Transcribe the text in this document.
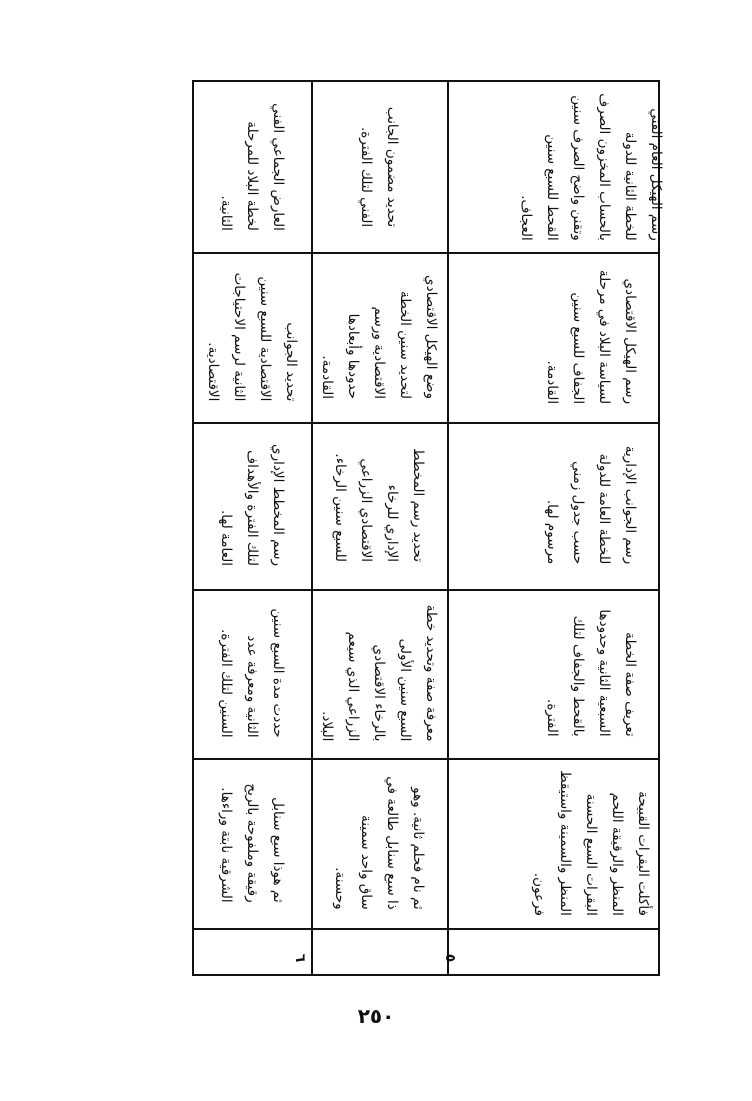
رسم الهيكل العام الفني
للخطة الثانية للدولة
بالحساب المخزون الصرف
وتقنن واضح الصرف سنين
القحط للسبع سنين
العجاف.
رسم الهيكل الاقتصادي
لسياسة البلاد في مرحلة
الجفاف للسبع سنين
القادمة.
رسم الجوانب الإدارية
للخطة العامة للدولة
حسب جدول زمني
مرسوم لها.
تعريف صفة الخطة
السبعية الثانية وحدودها
بالقحط والجفاف لتلك
الفترة.
فأكلت البقرات القبيحة
المنظر والرقيقة اللحم
البقرات السبع الحسنة
المنظر والسمينة واستيقظ
فرعون.
تحديد مضمون الجانب
الفني لتلك الفترة.
وضع الهيكل الاقتصادي
لتحديد سنين الخطة
الاقتصادية ورسم
حدودها وأبعادها
القادمة.
تحديد رسم المخطط
الإداري للرخاء
الاقتصادي الزراعي
للسبع سنين الرخاء.
معرفة صفة وتحديد خطة
السبع سنين الأولى
بالرخاء الاقتصادي
الزراعي الذي سيعم
البلاد.
ثم نام فحلم ثانية. وهو
ذا سبع سنابل طالعة في
ساق واحد سمينة
وحسنة.
٥
العارض الجماعي الفني
لخطة البلاد للمرحلة
الثانية.
تحديد الجوانب
الاقتصادية للسبع سنين
الثانية لرسم الاحتياجات
الاقتصادية.
رسم المخطط الإداري
لتلك الفترة والأهداف
العامة لها.
حددت مدة السبع سنين
الثانية ومعرفة عدد
السنين لتلك الفترة.
ثم هوذا سبع سنابل
رقيقة وملفوحة بالريح
الشرقية نابتة وراءها.
٦
٢٥٠
